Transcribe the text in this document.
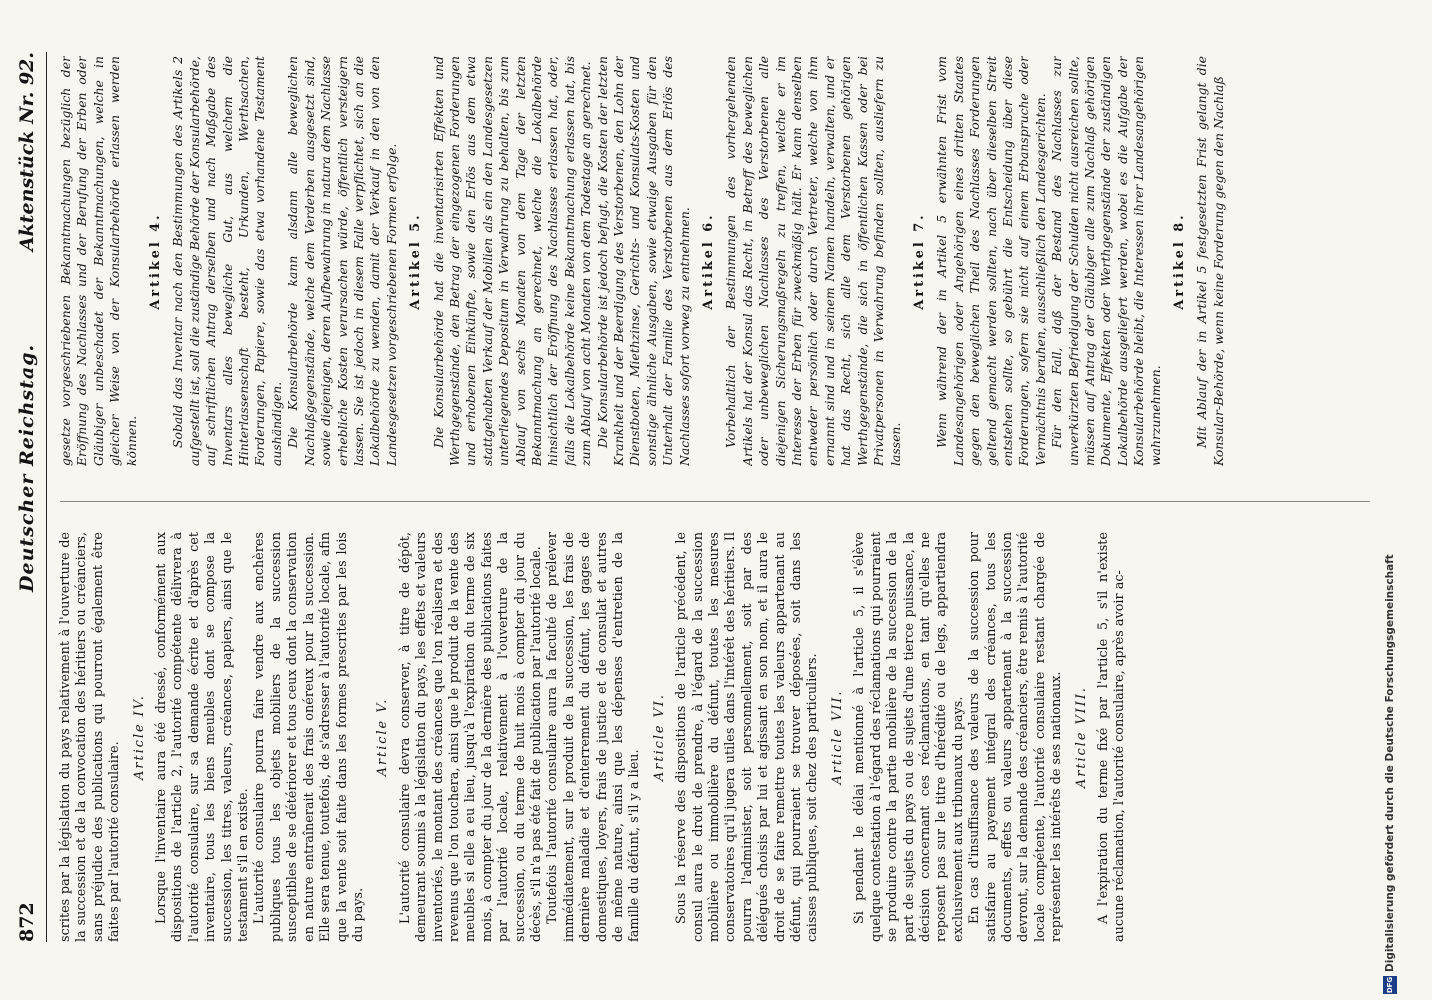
872
Deutscher Reichstag.
Aktenstück Nr. 92.

scrites par la législation du pays relativement à l'ouverture de la succession et de la convocation des héritiers ou créanciers, sans préjudice des publications qui pourront également être faites par l'autorité consulaire.

Article IV. Lorsque l'inventaire aura été dressé, conformément aux dispositions de l'article 2, l'autorité compétente délivrera à l'autorité consulaire, sur sa demande écrite et d'après cet inventaire, tous les biens meubles dont se compose la succession, les titres, valeurs, créances, papiers, ainsi que le testament s'il en existe. L'autorité consulaire pourra faire vendre aux enchères publiques tous les objets mobiliers de la succession susceptibles de se détériorer et tous ceux dont la conservation en nature entraînerait des frais onéreux pour la succession. Elle sera tenue, toutefois, de s'adresser à l'autorité locale, afin que la vente soit faite dans les formes prescrites par les lois du pays.

Article V. L'autorité consulaire devra conserver, à titre de dépôt, demeurant soumis à la législation du pays, les effets et valeurs inventoriés, le montant des créances que l'on réalisera et des revenus que l'on touchera, ainsi que le produit de la vente des meubles si elle a eu lieu, jusqu'à l'expiration du terme de six mois, à compter du jour de la dernière des publications faites par l'autorité locale, relativement à l'ouverture de la succession, ou du terme de huit mois à compter du jour du décès, s'il n'a pas été fait de publication par l'autorité locale. Toutefois l'autorité consulaire aura la faculté de prélever immédiatement, sur le produit de la succession, les frais de dernière maladie et d'enterrement du défunt, les gages de domestiques, loyers, frais de justice et de consulat et autres de même nature, ainsi que les dépenses d'entretien de la famille du défunt, s'il y a lieu.

Article VI. Sous la réserve des dispositions de l'article précédent, le consul aura le droit de prendre, à l'égard de la succession mobilière ou immobilière du défunt, toutes les mesures conservatoires qu'il jugera utiles dans l'intérêt des héritiers. Il pourra l'administer, soit personnellement, soit par des délégués choisis par lui et agissant en son nom, et il aura le droit de se faire remettre toutes les valeurs appartenant au défunt, qui pourraient se trouver déposées, soit dans les caisses publiques, soit chez des particuliers. Article VII. Si pendant le délai mentionné à l'article 5, il s'élève quelque contestation à l'égard des réclamations qui pourraient se produire contre la partie mobilière de la succession de la part de sujets du pays ou de sujets d'une tierce puissance, la décision concernant ces réclamations, en tant qu'elles ne reposent pas sur le titre d'hérédité ou de legs, appartiendra exclusivement aux tribunaux du pays. En cas d'insuffisance des valeurs de la succession pour satisfaire au payement intégral des créances, tous les documents, effets ou valeurs appartenant à la succession devront, sur la demande des créanciers, être remis à l'autorité locale compétente, l'autorité consulaire restant chargée de représenter les intérêts de ses nationaux. Article VIII. A l'expiration du terme fixé par l'article 5, s'il n'existe aucune réclamation, l'autorité consulaire, après avoir ac-

gesetze vorgeschriebenen Bekanntmachungen bezüglich der Eröffnung des Nachlasses und der Berufung der Erben oder Gläubiger unbeschadet der Bekanntmachungen, welche in gleicher Weise von der Konsularbehörde erlassen werden können.

Artikel 4. Sobald das Inventar nach den Bestimmungen des Artikels 2 aufgestellt ist, soll die zuständige Behörde der Konsularbehörde, auf schriftlichen Antrag derselben und nach Maßgabe des Inventars alles bewegliche Gut, aus welchem die Hinterlassenschaft besteht, Urkunden, Werthsachen, Forderungen, Papiere, sowie das etwa vorhandene Testament aushändigen. Die Konsularbehörde kann alsdann alle beweglichen Nachlaßgegenstände, welche dem Verderben ausgesetzt sind, sowie diejenigen, deren Aufbewahrung in natura dem Nachlasse erhebliche Kosten verursachen würde, öffentlich versteigern lassen. Sie ist jedoch in diesem Falle verpflichtet, sich an die Lokalbehörde zu wenden, damit der Verkauf in den von den Landesgesetzen vorgeschriebenen Formen erfolge. Artikel 5. Die Konsularbehörde hat die inventarisirten Effekten und Werthgegenstände, den Betrag der eingezogenen Forderungen und erhobenen Einkünfte, sowie den Erlös aus dem etwa stattgehabten Verkauf der Mobilien als ein den Landesgesetzen unterliegendes Depositum in Verwahrung zu behalten, bis zum Ablauf von sechs Monaten von dem Tage der letzten Bekanntmachung an gerechnet, welche die Lokalbehörde hinsichtlich der Eröffnung des Nachlasses erlassen hat, oder, falls die Lokalbehörde keine Bekanntmachung erlassen hat, bis zum Ablauf von acht Monaten von dem Todestage an gerechnet. Die Konsularbehörde ist jedoch befugt, die Kosten der letzten Krankheit und der Beerdigung des Verstorbenen, den Lohn der Dienstboten, Miethzinse, Gerichts- und Konsulats-Kosten und sonstige ähnliche Ausgaben, sowie etwaige Ausgaben für den Unterhalt der Familie des Verstorbenen aus dem Erlös des Nachlasses sofort vorweg zu entnehmen. Artikel 6. Vorbehaltlich der Bestimmungen des vorhergehenden Artikels hat der Konsul das Recht, in Betreff des beweglichen oder unbeweglichen Nachlasses des Verstorbenen alle diejenigen Sicherungsmaßregeln zu treffen, welche er im Interesse der Erben für zweckmäßig hält. Er kann denselben entweder persönlich oder durch Vertreter, welche von ihm ernannt sind und in seinem Namen handeln, verwalten, und er hat das Recht, sich alle dem Verstorbenen gehörigen Werthgegenstände, die sich in öffentlichen Kassen oder bei Privatpersonen in Verwahrung befinden sollten, ausliefern zu lassen.

Artikel 7. Wenn während der in Artikel 5 erwähnten Frist vom Landesangehörigen oder Angehörigen eines dritten Staates gegen den beweglichen Theil des Nachlasses Forderungen geltend gemacht werden sollten, nach über dieselben Streit entstehen sollte, so gebührt die Entscheidung über diese Forderungen, sofern sie nicht auf einem Erbanspruche oder Vermächtnis beruhen, ausschließlich den Landesgerichten. Für den Fall, daß der Bestand des Nachlasses zur unverkürzten Befriedigung der Schulden nicht ausreichen sollte, müssen auf Antrag der Gläubiger alle zum Nachlaß gehörigen Dokumente, Effekten oder Werthgegenstände der zuständigen Lokalbehörde ausgeliefert werden, wobei es die Aufgabe der Konsularbehörde bleibt, die Interessen ihrer Landesangehörigen wahrzunehmen.

Artikel 8. Mit Ablauf der in Artikel 5 festgesetzten Frist gelangt die Konsular-Behörde, wenn keine Forderung gegen den Nachlaß

DFG
Digitalisierung gefördert durch die Deutsche Forschungsgemeinschaft
